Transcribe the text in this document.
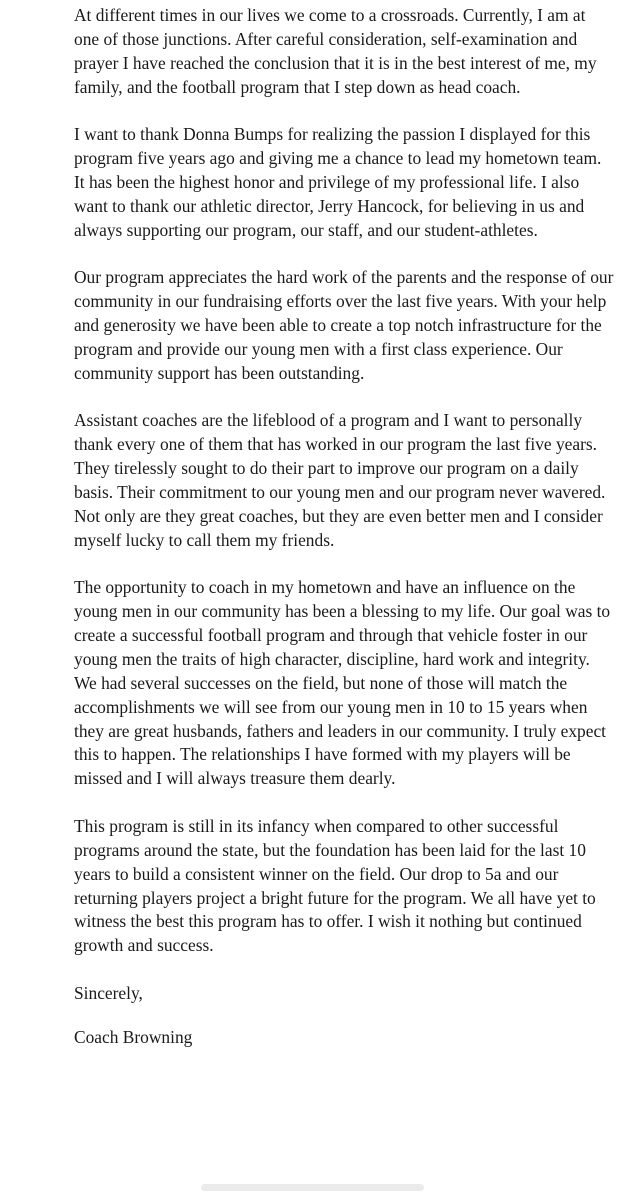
At different times in our lives we come to a crossroads. Currently, I am at one of those junctions. After careful consideration, self-examination and prayer I have reached the conclusion that it is in the best interest of me, my family, and the football program that I step down as head coach.

I want to thank Donna Bumps for realizing the passion I displayed for this program five years ago and giving me a chance to lead my hometown team. It has been the highest honor and privilege of my professional life. I also want to thank our athletic director, Jerry Hancock, for believing in us and always supporting our program, our staff, and our student-athletes.

Our program appreciates the hard work of the parents and the response of our community in our fundraising efforts over the last five years. With your help and generosity we have been able to create a top notch infrastructure for the program and provide our young men with a first class experience. Our community support has been outstanding.

Assistant coaches are the lifeblood of a program and I want to personally thank every one of them that has worked in our program the last five years. They tirelessly sought to do their part to improve our program on a daily basis. Their commitment to our young men and our program never wavered. Not only are they great coaches, but they are even better men and I consider myself lucky to call them my friends.

The opportunity to coach in my hometown and have an influence on the young men in our community has been a blessing to my life. Our goal was to create a successful football program and through that vehicle foster in our young men the traits of high character, discipline, hard work and integrity. We had several successes on the field, but none of those will match the accomplishments we will see from our young men in 10 to 15 years when they are great husbands, fathers and leaders in our community. I truly expect this to happen. The relationships I have formed with my players will be missed and I will always treasure them dearly.

This program is still in its infancy when compared to other successful programs around the state, but the foundation has been laid for the last 10 years to build a consistent winner on the field. Our drop to 5a and our returning players project a bright future for the program. We all have yet to witness the best this program has to offer. I wish it nothing but continued growth and success.

Sincerely,

Coach Browning
